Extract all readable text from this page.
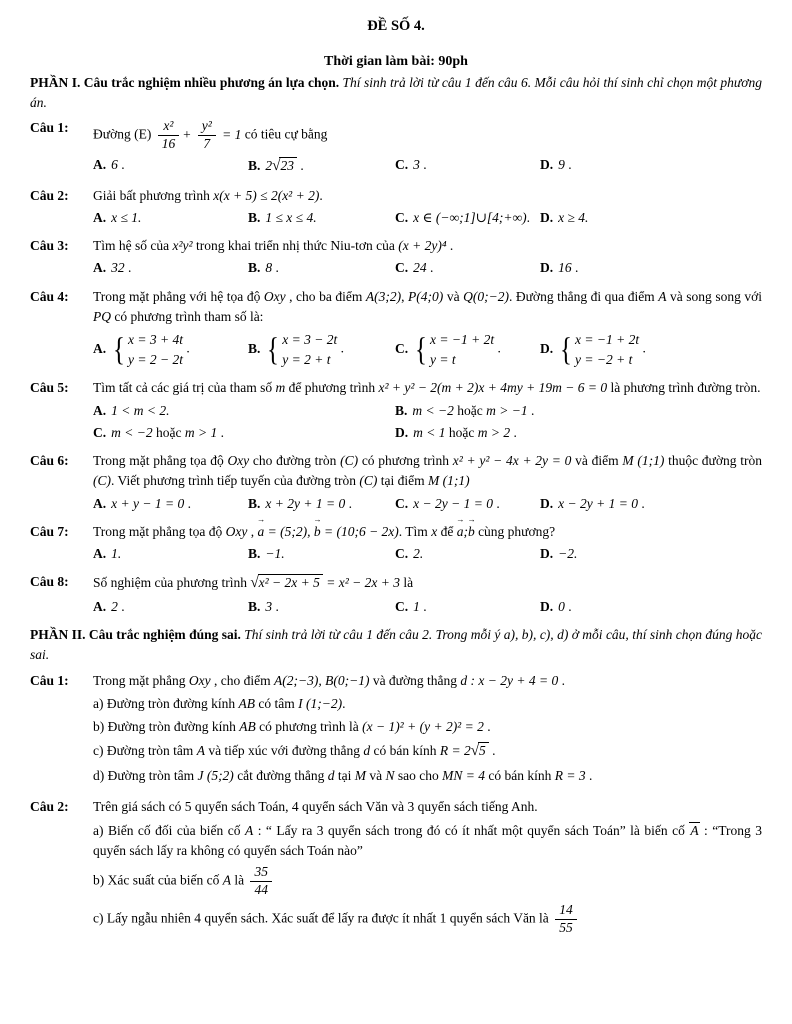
ĐỀ SỐ 4.
Thời gian làm bài: 90ph

PHẦN I. Câu trắc nghiệm nhiều phương án lựa chọn. Thí sinh trả lời từ câu 1 đến câu 6. Mỗi câu hỏi thí sinh chỉ chọn một phương án.

Câu 1:	Đường $(E) \frac{\text{x²}}{16} + \frac{\text{y²}}{7} = 1$ có tiêu cự bằng
A. 6 .	B. 2√23 .	C. 3 .	D. 9 .
Câu 2:	Giải bất phương trình x(x + 5) ≤ 2(x² + 2).
A. x ≤ 1.	B. 1 ≤ x ≤ 4.	C. x ∈ (−∞;1]∪[4;+∞). D. x ≥ 4.
Câu 3:	Tìm hệ số của x²y² trong khai triển nhị thức Niu-tơn của (x + 2y)⁴ .
A. 32 .	B. 8 .	C. 24 .	D. 16 .
Câu 4:	Trong mặt phẳng với hệ tọa độ Oxy , cho ba điểm A(3;2), P(4;0) và Q(0;−2). Đường thẳng đi qua điểm A và song song với PQ có phương trình tham số là:
A. { x = 3 + 4t
y = 2 − 2t
.	B. { x = 3 − 2t
y = 2 + t
.	C. { x = −1 + 2t
y = t
.	D. { x = −1 + 2t
y = −2 + t
.
Câu 5:	Tìm tất cả các giá trị của tham số m để phương trình x² + y² − 2(m + 2)x + 4my + 19m − 6 = 0 là phương trình đường tròn.
A. 1 < m < 2.	B. m < −2 hoặc m > −1 .
C. m < −2 hoặc m > 1 .	D. m < 1 hoặc m > 2 .
Câu 6:	Trong mặt phẳng tọa độ Oxy cho đường tròn (C) có phương trình x² + y² − 4x + 2y = 0 và điểm M (1;1) thuộc đường tròn (C). Viết phương trình tiếp tuyến của đường tròn (C) tại điểm M (1;1)
A. x + y − 1 = 0 .	B. x + 2y + 1 = 0 .	C. x − 2y − 1 = 0 .	D. x − 2y + 1 = 0 .
Câu 7:	Trong mặt phẳng tọa độ Oxy ,
→
a = (5;2),
→
b = (10;6 − 2x). Tìm x để
→
a;
→
b cùng phương?
A. 1.	B. −1.	C. 2.	D. −2.
Câu 8:	Số nghiệm của phương trình √x² − 2x + 5 = x² − 2x + 3 là
A. 2 .	B. 3 .	C. 1 .	D. 0 .

PHẦN II. Câu trắc nghiệm đúng sai. Thí sinh trả lời từ câu 1 đến câu 2. Trong mỗi ý a), b), c), d) ở mỗi câu, thí sinh chọn đúng hoặc sai.

Câu 1:	Trong mặt phẳng Oxy , cho điểm A(2;−3), B(0;−1) và đường thẳng d : x − 2y + 4 = 0 .
a) Đường tròn đường kính AB có tâm I (1;−2).
b) Đường tròn đường kính AB có phương trình là (x − 1)² + (y + 2)² = 2 .
c) Đường tròn tâm A và tiếp xúc với đường thẳng d có bán kính R = 2√5 .
d) Đường tròn tâm J (5;2) cắt đường thẳng d tại M và N sao cho MN = 4 có bán kính R = 3 .
Câu 2:	Trên giá sách có 5 quyển sách Toán, 4 quyển sách Văn và 3 quyển sách tiếng Anh.
a) Biến cố đối của biến cố A : “ Lấy ra 3 quyển sách trong đó có ít nhất một quyển sách Toán” là biến cố A : “Trong 3 quyển sách lấy ra không có quyển sách Toán nào”
b) Xác suất của biến cố A là $\frac{35}{44}$
c) Lấy ngẫu nhiên 4 quyển sách. Xác suất để lấy ra được ít nhất 1 quyển sách Văn là $\frac{14}{55}$
